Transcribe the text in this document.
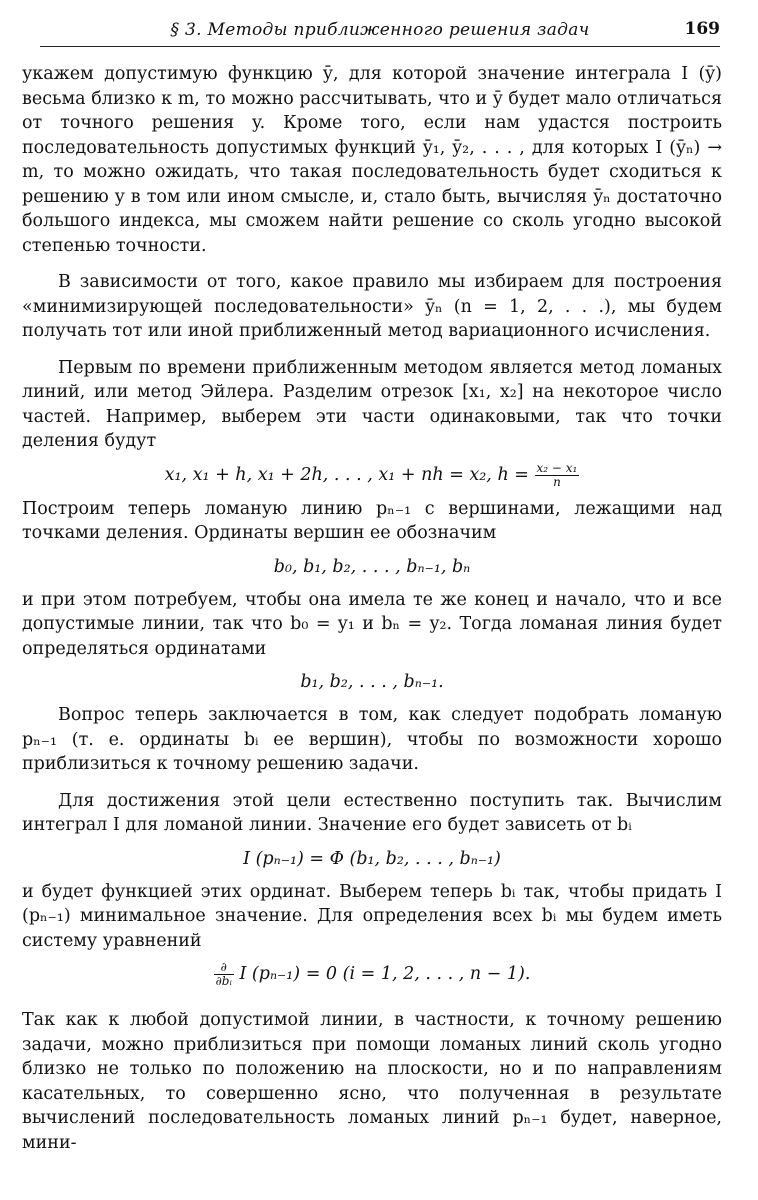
§ 3. Методы приближенного решения задач	169

укажем допустимую функцию ȳ, для которой значение интеграла I (ȳ) весьма близко к m, то можно рассчитывать, что и ȳ будет мало отличаться от точного решения y. Кроме того, если нам удастся построить последовательность допустимых функций ȳ₁, ȳ₂, . . . , для которых I (ȳₙ) → m, то можно ожидать, что такая последовательность будет сходиться к решению y в том или ином смысле, и, стало быть, вычисляя ȳₙ достаточно большого индекса, мы сможем найти решение со сколь угодно высокой степенью точности.

В зависимости от того, какое правило мы избираем для построения «минимизирующей последовательности» ȳₙ (n = 1, 2, . . .), мы будем получать тот или иной приближенный метод вариационного исчисления.

Первым по времени приближенным методом является метод ломаных линий, или метод Эйлера. Разделим отрезок [x₁, x₂] на некоторое число частей. Например, выберем эти части одинаковыми, так что точки деления будут

x₁, x₁ + h, x₁ + 2h, . . . , x₁ + nh = x₂, $h = \frac{\text{x₂ − x₁}}{n}$

Построим теперь ломаную линию pₙ₋₁ с вершинами, лежащими над точками деления. Ординаты вершин ее обозначим

b₀, b₁, b₂, . . . , bₙ₋₁, bₙ

и при этом потребуем, чтобы она имела те же конец и начало, что и все допустимые линии, так что b₀ = y₁ и bₙ = y₂. Тогда ломаная линия будет определяться ординатами

b₁, b₂, . . . , bₙ₋₁.

Вопрос теперь заключается в том, как следует подобрать ломаную pₙ₋₁ (т. е. ординаты bᵢ ее вершин), чтобы по возможности хорошо приблизиться к точному решению задачи.

Для достижения этой цели естественно поступить так. Вычислим интеграл I для ломаной линии. Значение его будет зависеть от bᵢ

I (pₙ₋₁) = Φ (b₁, b₂, . . . , bₙ₋₁)

и будет функцией этих ординат. Выберем теперь bᵢ так, чтобы придать I (pₙ₋₁) минимальное значение. Для определения всех bᵢ мы будем иметь систему уравнений

$\frac{\partial}{\text{∂bᵢ}}$ I (pₙ₋₁) = 0 (i = 1, 2, . . . , n − 1).

Так как к любой допустимой линии, в частности, к точному решению задачи, можно приблизиться при помощи ломаных линий сколь угодно близко не только по положению на плоскости, но и по направлениям касательных, то совершенно ясно, что полученная в результате вычислений последовательность ломаных линий pₙ₋₁ будет, наверное, мини-
